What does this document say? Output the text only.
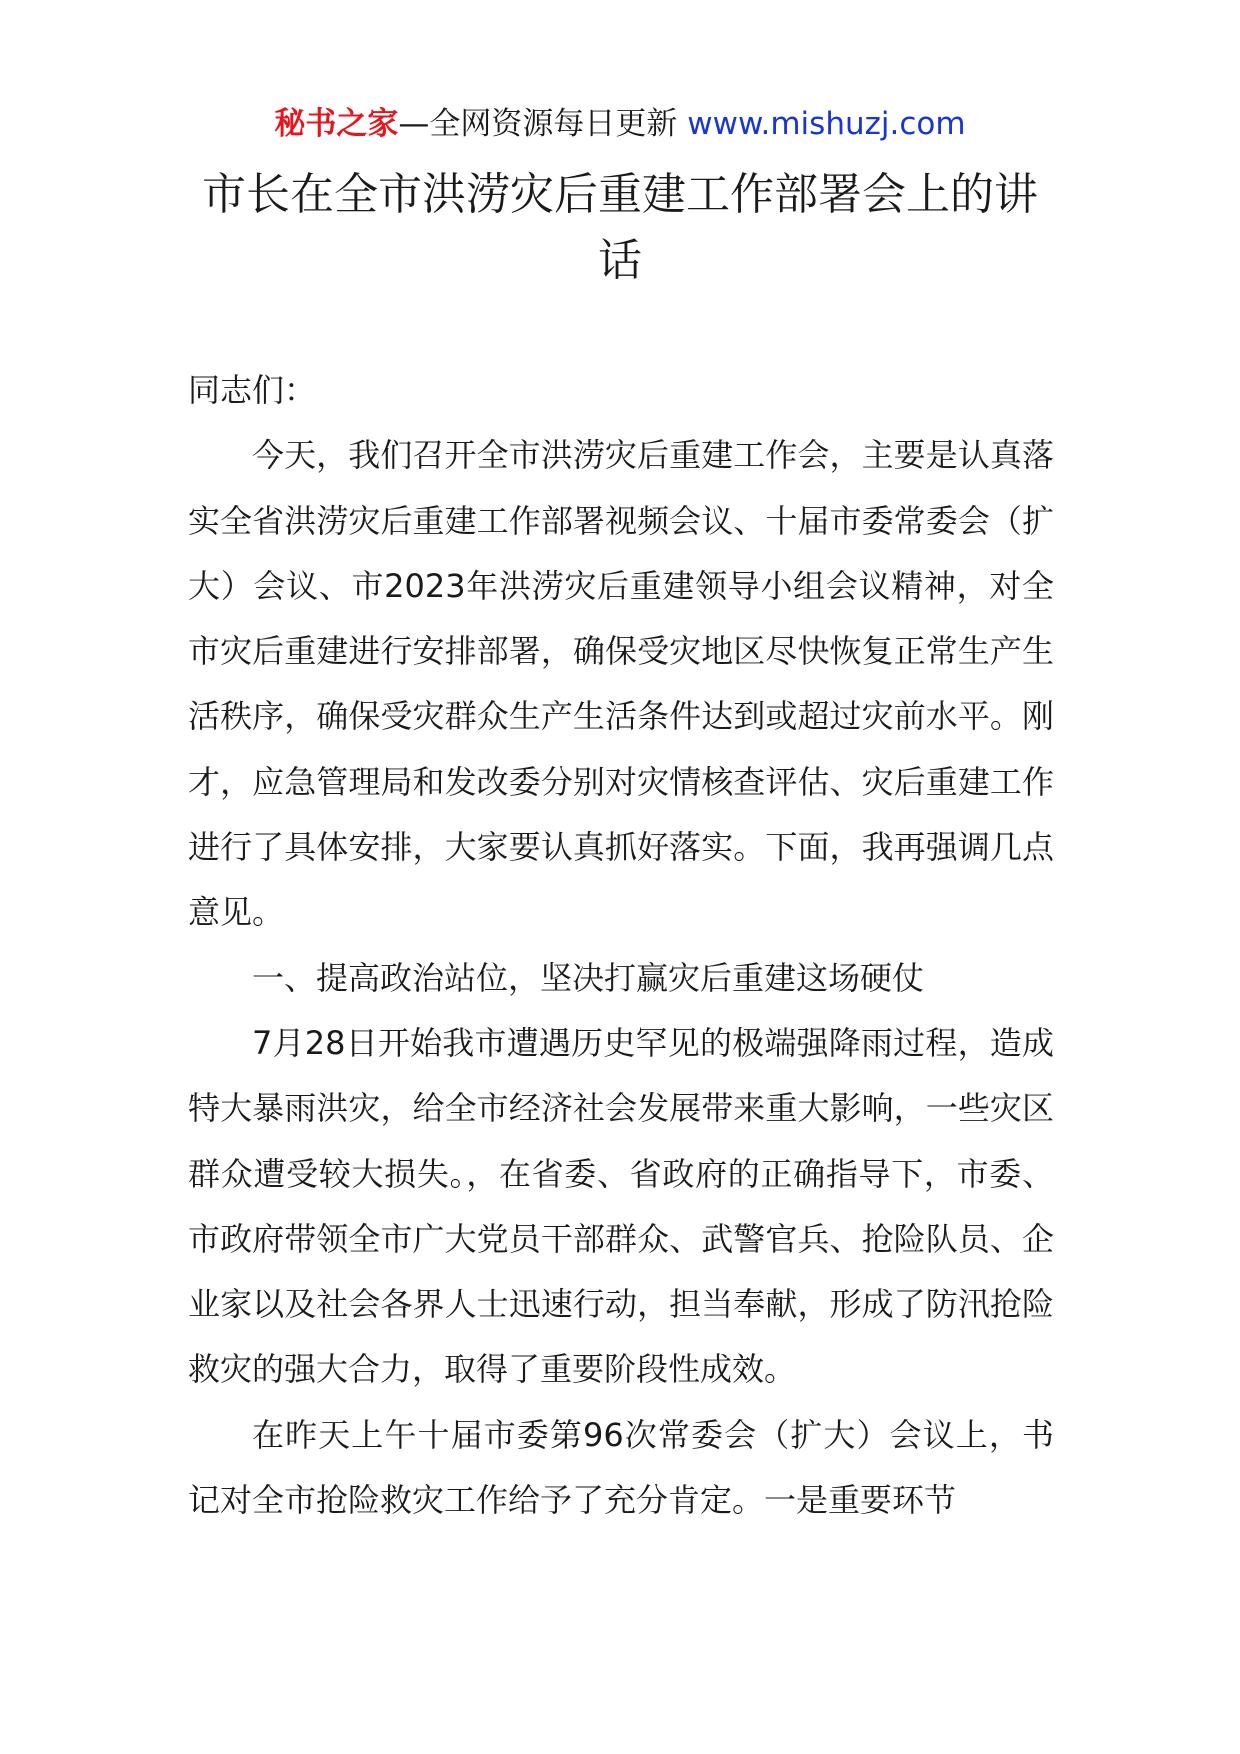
秘书之家—全网资源每日更新 www.mishuzj.com
市长在全市洪涝灾后重建工作部署会上的讲话

同志们：

今天，我们召开全市洪涝灾后重建工作会，主要是认真落实全省洪涝灾后重建工作部署视频会议、十届市委常委会（扩大）会议、市2023年洪涝灾后重建领导小组会议精神，对全市灾后重建进行安排部署，确保受灾地区尽快恢复正常生产生活秩序，确保受灾群众生产生活条件达到或超过灾前水平。刚才，应急管理局和发改委分别对灾情核查评估、灾后重建工作进行了具体安排，大家要认真抓好落实。下面，我再强调几点意见。

一、提高政治站位，坚决打赢灾后重建这场硬仗

7月28日开始我市遭遇历史罕见的极端强降雨过程，造成特大暴雨洪灾，给全市经济社会发展带来重大影响，一些灾区群众遭受较大损失。，在省委、省政府的正确指导下，市委、市政府带领全市广大党员干部群众、武警官兵、抢险队员、企业家以及社会各界人士迅速行动，担当奉献，形成了防汛抢险救灾的强大合力，取得了重要阶段性成效。

在昨天上午十届市委第96次常委会（扩大）会议上，书记对全市抢险救灾工作给予了充分肯定。一是重要环节
